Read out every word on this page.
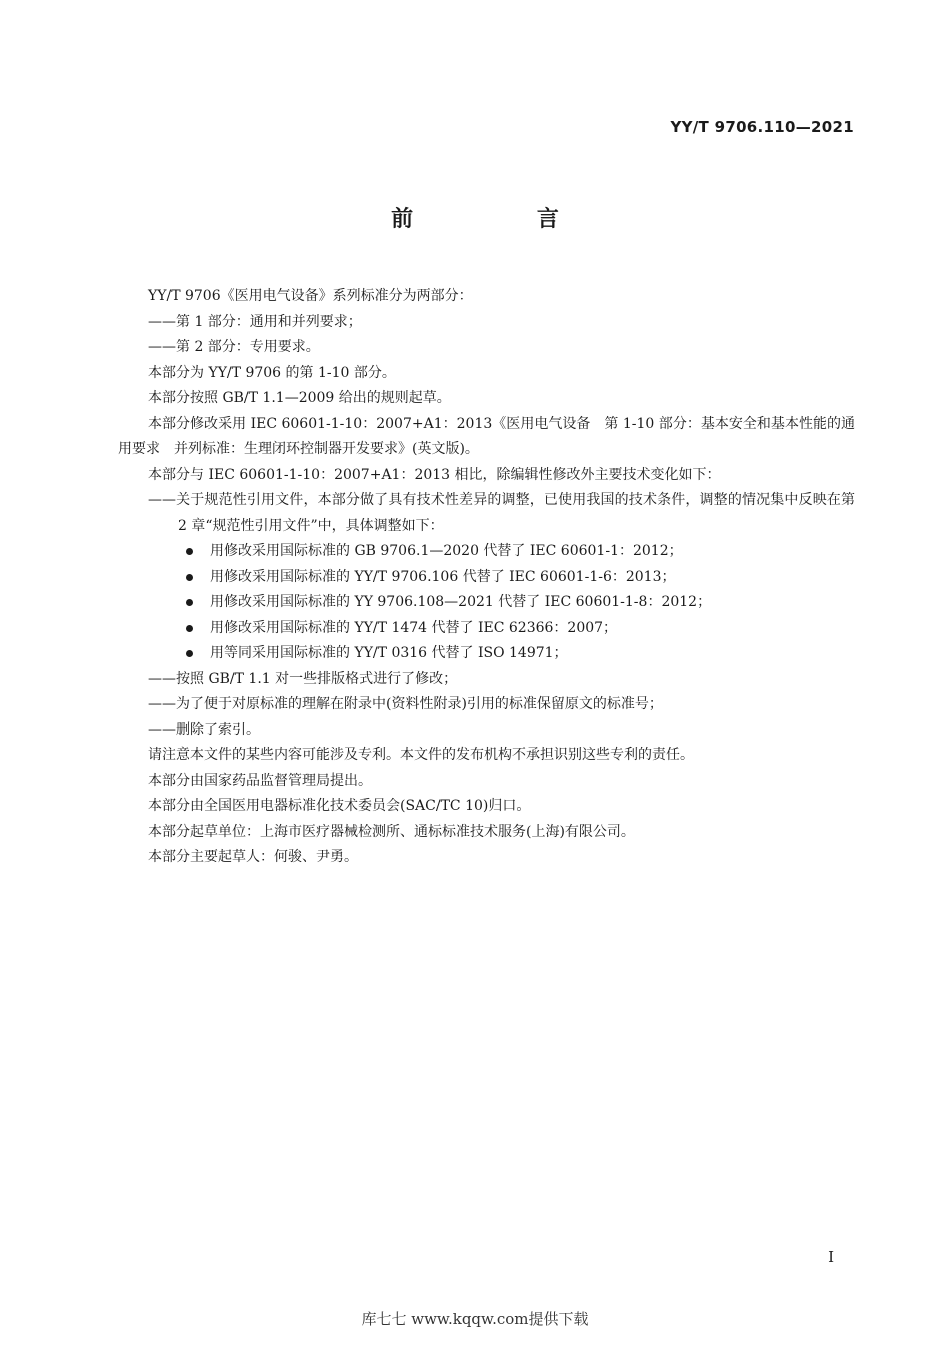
YY/T 9706.110—2021
前 言

YY/T 9706《医用电气设备》系列标准分为两部分：

——第 1 部分：通用和并列要求；

——第 2 部分：专用要求。

本部分为 YY/T 9706 的第 1-10 部分。

本部分按照 GB/T 1.1—2009 给出的规则起草。

本部分修改采用 IEC 60601-1-10：2007+A1：2013《医用电气设备　第 1-10 部分：基本安全和基本性能的通用要求　并列标准：生理闭环控制器开发要求》(英文版)。

本部分与 IEC 60601-1-10：2007+A1：2013 相比，除编辑性修改外主要技术变化如下：

——关于规范性引用文件，本部分做了具有技术性差异的调整，已使用我国的技术条件，调整的情况集中反映在第 2 章“规范性引用文件”中，具体调整如下：

用修改采用国际标准的 GB 9706.1—2020 代替了 IEC 60601-1：2012；
用修改采用国际标准的 YY/T 9706.106 代替了 IEC 60601-1-6：2013；
用修改采用国际标准的 YY 9706.108—2021 代替了 IEC 60601-1-8：2012；
用修改采用国际标准的 YY/T 1474 代替了 IEC 62366：2007；
用等同采用国际标准的 YY/T 0316 代替了 ISO 14971；

——按照 GB/T 1.1 对一些排版格式进行了修改；

——为了便于对原标准的理解在附录中(资料性附录)引用的标准保留原文的标准号；

——删除了索引。

请注意本文件的某些内容可能涉及专利。本文件的发布机构不承担识别这些专利的责任。

本部分由国家药品监督管理局提出。

本部分由全国医用电器标准化技术委员会(SAC/TC 10)归口。

本部分起草单位：上海市医疗器械检测所、通标标准技术服务(上海)有限公司。

本部分主要起草人：何骏、尹勇。

I
库七七 www.kqqw.com提供下载
